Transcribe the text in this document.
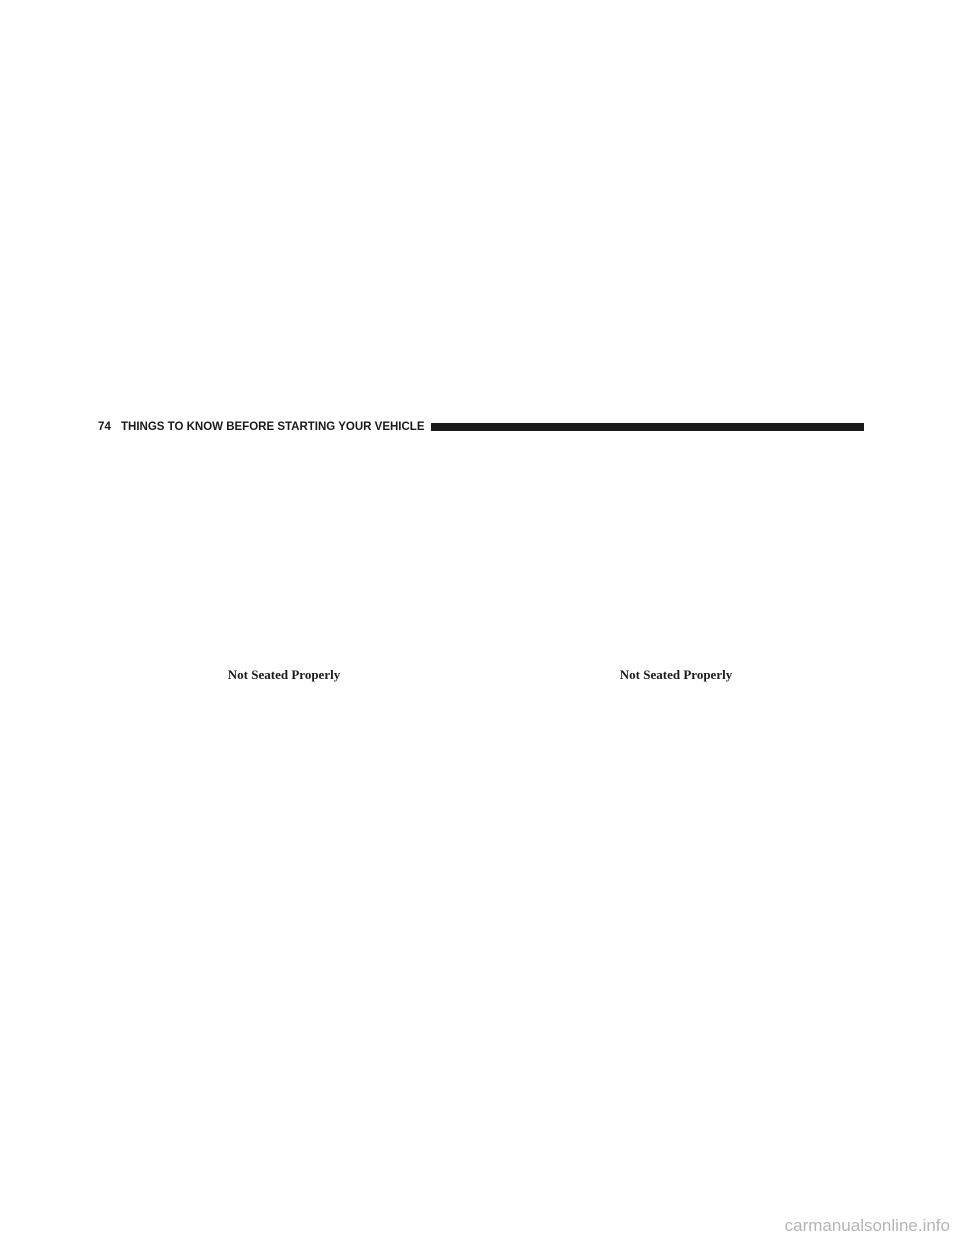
74 THINGS TO KNOW BEFORE STARTING YOUR VEHICLE
Not Seated Properly	Not Seated Properly
carmanualsonline.info
